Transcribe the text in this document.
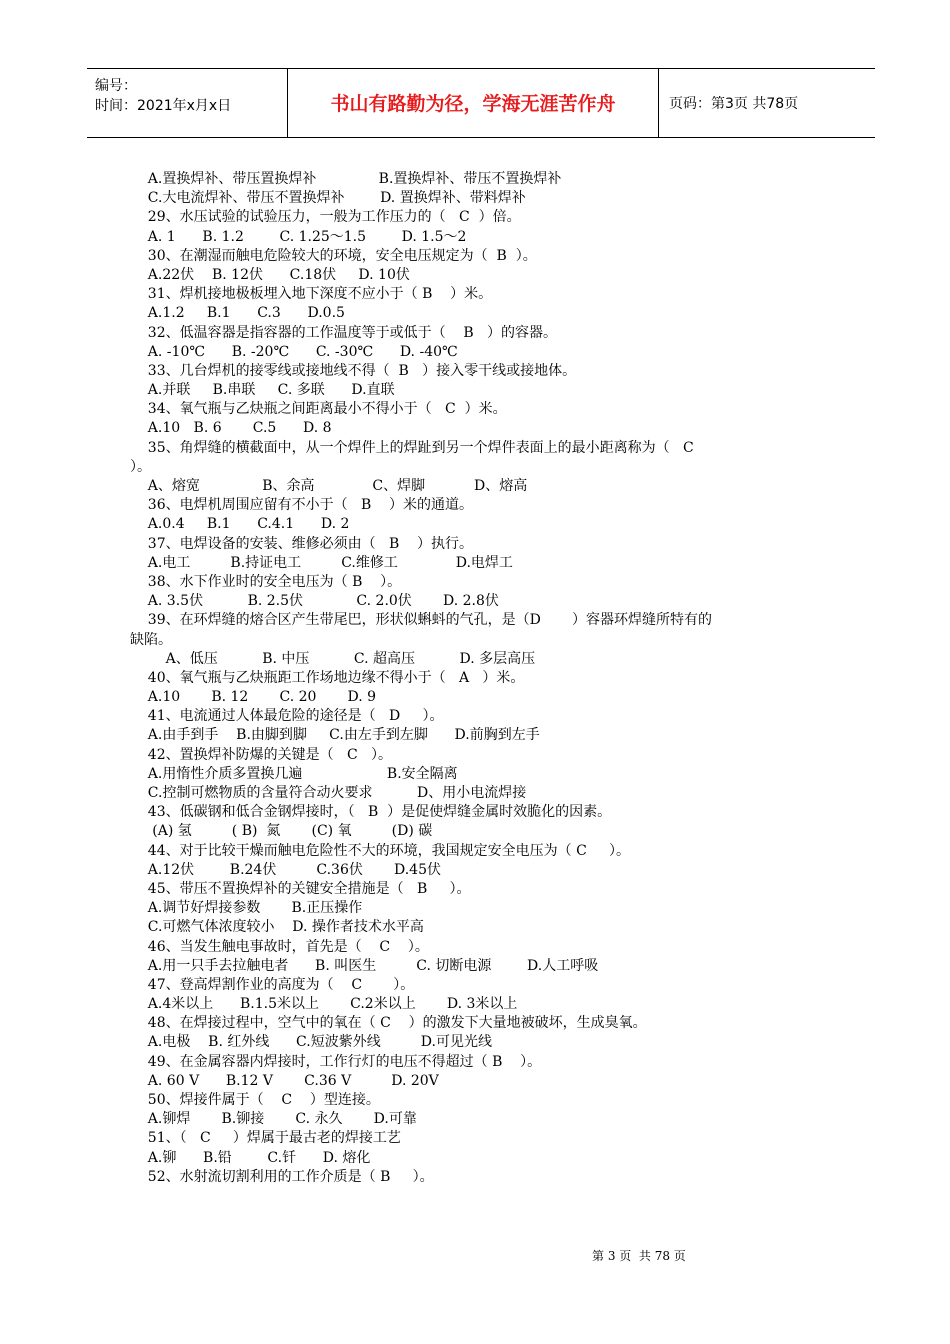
编号：
时间：2021年x月x日	书山有路勤为径，学海无涯苦作舟	页码：第3页 共78页
A.置换焊补、带压置换焊补              B.置换焊补、带压不置换焊补
C.大电流焊补、带压不置换焊补        D. 置换焊补、带料焊补
29、水压试验的试验压力，一般为工作压力的（   C  ）倍。
A. 1      B. 1.2        C. 1.25～1.5        D. 1.5～2
30、在潮湿而触电危险较大的环境，安全电压规定为（  B  ）。
A.22伏    B. 12伏      C.18伏     D. 10伏
31、焊机接地极板埋入地下深度不应小于（ B    ）米。
A.1.2     B.1      C.3      D.0.5
32、低温容器是指容器的工作温度等于或低于（    B   ）的容器。
A. -10℃      B. -20℃      C. -30℃      D. -40℃
33、几台焊机的接零线或接地线不得（  B   ）接入零干线或接地体。
A.并联     B.串联     C. 多联      D.直联
34、氧气瓶与乙炔瓶之间距离最小不得小于（   C  ）米。
A.10   B. 6       C.5      D. 8
35、角焊缝的横截面中，从一个焊件上的焊趾到另一个焊件表面上的最小距离称为（   C
）。
A、熔宽              B、余高             C、焊脚           D、熔高
36、电焊机周围应留有不小于（   B    ）米的通道。
A.0.4     B.1      C.4.1      D. 2
37、电焊设备的安装、维修必须由（   B    ）执行。
A.电工         B.持证电工         C.维修工             D.电焊工
38、水下作业时的安全电压为（ B    ）。
A. 3.5伏          B. 2.5伏            C. 2.0伏       D. 2.8伏
39、在环焊缝的熔合区产生带尾巴，形状似蝌蚪的气孔，是（D       ）容器环焊缝所特有的
缺陷。
A、低压          B. 中压          C. 超高压          D. 多层高压
40、氧气瓶与乙炔瓶距工作场地边缘不得小于（   A   ）米。
A.10       B. 12       C. 20       D. 9
41、电流通过人体最危险的途径是（   D     ）。
A.由手到手    B.由脚到脚     C.由左手到左脚      D.前胸到左手
42、置换焊补防爆的关键是（   C   ）。
A.用惰性介质多置换几遍                   B.安全隔离
C.控制可燃物质的含量符合动火要求          D、用小电流焊接
43、低碳钢和低合金钢焊接时，（   B  ）是促使焊缝金属时效脆化的因素。
(A) 氢         ( B)  氮       (C) 氧         (D) 碳
44、对于比较干燥而触电危险性不大的环境，我国规定安全电压为（ C     ）。
A.12伏        B.24伏         C.36伏       D.45伏
45、带压不置换焊补的关键安全措施是（   B     ）。
A.调节好焊接参数       B.正压操作
C.可燃气体浓度较小    D. 操作者技术水平高
46、当发生触电事故时，首先是（    C    ）。
A.用一只手去拉触电者      B. 叫医生         C. 切断电源        D.人工呼吸
47、登高焊割作业的高度为（    C       ）。
A.4米以上      B.1.5米以上       C.2米以上       D. 3米以上
48、在焊接过程中，空气中的氧在（ C    ）的激发下大量地被破坏，生成臭氧。
A.电极    B. 红外线      C.短波紫外线         D.可见光线
49、在金属容器内焊接时，工作行灯的电压不得超过（ B    ）。
A. 60 V      B.12 V       C.36 V         D. 20V
50、焊接件属于（    C    ）型连接。
A.铆焊       B.铆接       C. 永久       D.可靠
51、（   C     ）焊属于最古老的焊接工艺
A.铆      B.铅        C.钎      D. 熔化
52、水射流切割利用的工作介质是（ B     ）。
第 3 页  共 78 页
